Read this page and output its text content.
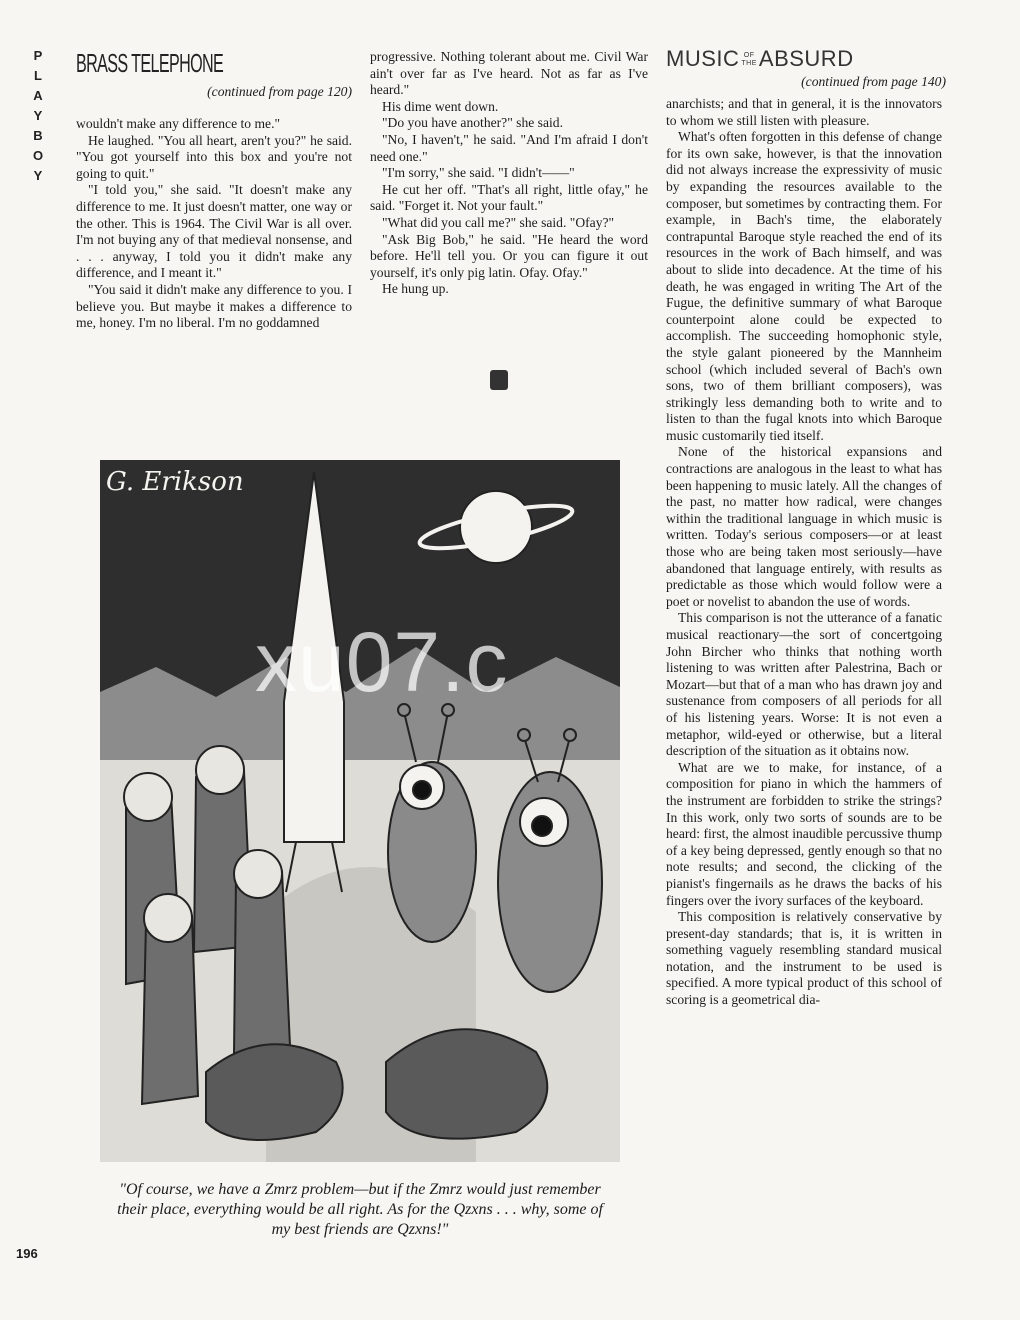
P
L
A
Y
B
O
Y
BRASS TELEPHONE
(continued from page 120)

wouldn't make any difference to me."

He laughed. "You all heart, aren't you?" he said. "You got yourself into this box and you're not going to quit."

"I told you," she said. "It doesn't make any difference to me. It just doesn't matter, one way or the other. This is 1964. The Civil War is all over. I'm not buying any of that medieval nonsense, and . . . anyway, I told you it didn't make any difference, and I meant it."

"You said it didn't make any difference to you. I believe you. But maybe it makes a difference to me, honey. I'm no liberal. I'm no goddamned

progressive. Nothing tolerant about me. Civil War ain't over far as I've heard. Not as far as I've heard."

His dime went down.

"Do you have another?" she said.

"No, I haven't," he said. "And I'm afraid I don't need one."

"I'm sorry," she said. "I didn't——"

He cut her off. "That's all right, little ofay," he said. "Forget it. Not your fault."

"What did you call me?" she said. "Ofay?"

"Ask Big Bob," he said. "He heard the word before. He'll tell you. Or you can figure it out yourself, it's only pig latin. Ofay. Ofay."

He hung up.

MUSIC OF
THEABSURD
(continued from page 140)

anarchists; and that in general, it is the innovators to whom we still listen with pleasure.

What's often forgotten in this defense of change for its own sake, however, is that the innovation did not always increase the expressivity of music by expanding the resources available to the composer, but sometimes by contracting them. For example, in Bach's time, the elaborately contrapuntal Baroque style reached the end of its resources in the work of Bach himself, and was about to slide into decadence. At the time of his death, he was engaged in writing The Art of the Fugue, the definitive summary of what Baroque counterpoint alone could be expected to accomplish. The succeeding homophonic style, the style galant pioneered by the Mannheim school (which included several of Bach's own sons, two of them brilliant composers), was strikingly less demanding both to write and to listen to than the fugal knots into which Baroque music customarily tied itself.

None of the historical expansions and contractions are analogous in the least to what has been happening to music lately. All the changes of the past, no matter how radical, were changes within the traditional language in which music is written. Today's serious composers—or at least those who are being taken most seriously—have abandoned that language entirely, with results as predictable as those which would follow were a poet or novelist to abandon the use of words.

This comparison is not the utterance of a fanatic musical reactionary—the sort of concertgoing John Bircher who thinks that nothing worth listening to was written after Palestrina, Bach or Mozart—but that of a man who has drawn joy and sustenance from composers of all periods for all of his listening years. Worse: It is not even a metaphor, wild-eyed or otherwise, but a literal description of the situation as it obtains now.

What are we to make, for instance, of a composition for piano in which the hammers of the instrument are forbidden to strike the strings? In this work, only two sorts of sounds are to be heard: first, the almost inaudible percussive thump of a key being depressed, gently enough so that no note results; and second, the clicking of the pianist's fingernails as he draws the backs of his fingers over the ivory surfaces of the keyboard.

This composition is relatively conservative by present-day standards; that is, it is written in something vaguely resembling standard musical notation, and the instrument to be used is specified. A more typical product of this school of scoring is a geometrical dia-

G. Erikson
"Of course, we have a Zmrz problem—but if the Zmrz would just remember their place, everything would be all right. As for the Qzxns . . . why, some of my best friends are Qzxns!"
196
xu07.c
